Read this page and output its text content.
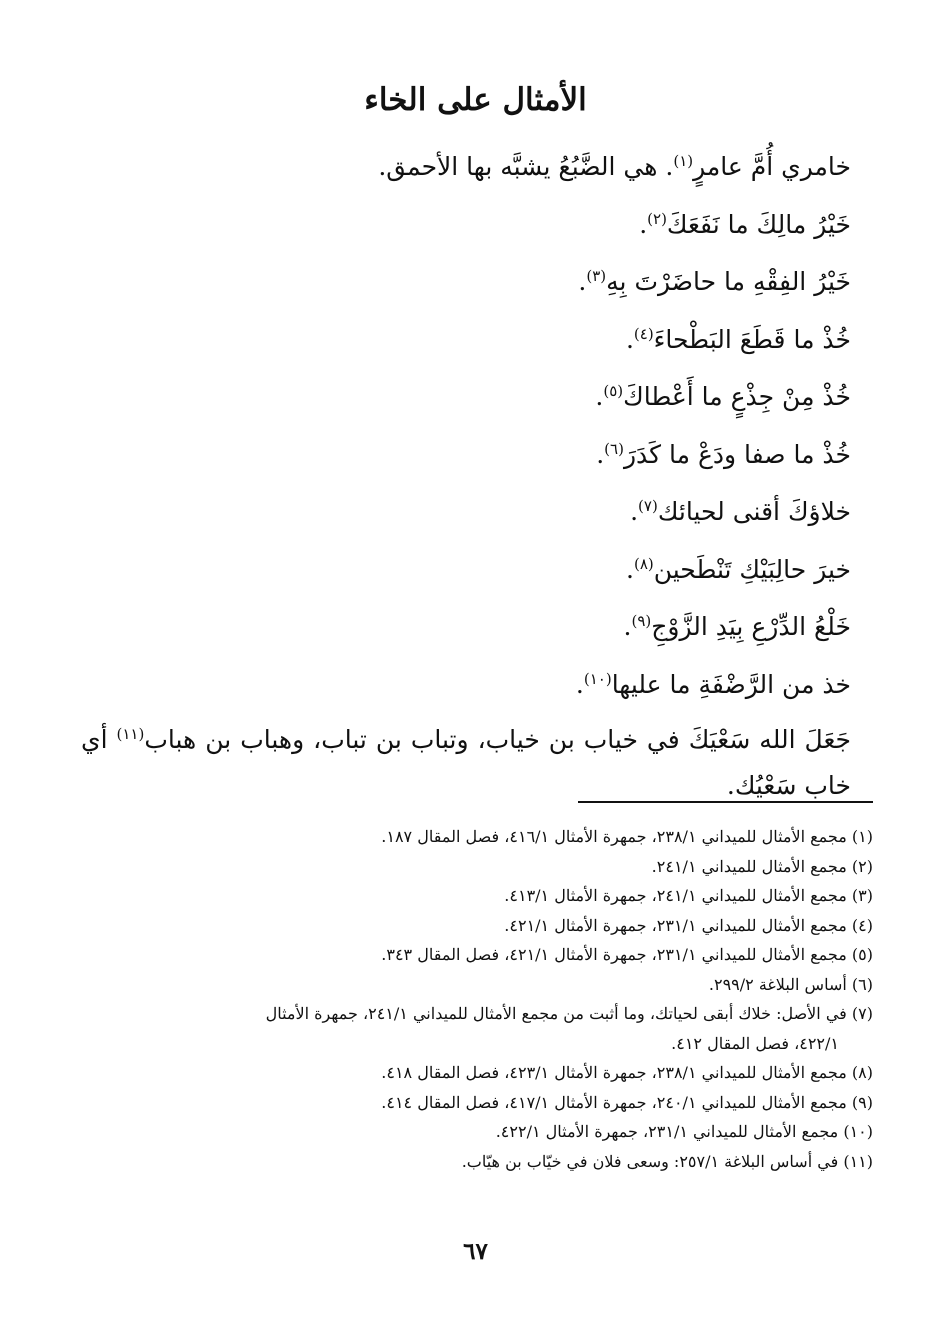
الأمثال على الخاء
خامري أُمَّ عامرٍ$^{(١)}$. هي الضَّبُعُ يشبَّه بها الأحمق.
خَيْرُ مالِكَ ما نَفَعَكَ$^{(٢)}$.
خَيْرُ الفِقْهِ ما حاضَرْتَ بِهِ$^{(٣)}$.
خُذْ ما قَطَعَ البَطْحاءَ$^{(٤)}$.
خُذْ مِنْ جِذْعٍ ما أَعْطاكَ$^{(٥)}$.
خُذْ ما صفا ودَعْ ما كَدَرَ$^{(٦)}$.
خلاؤكَ أقنى لحيائك$^{(٧)}$.
خيرَ حالِبَيْكِ تَنْطَحين$^{(٨)}$.
خَلْعُ الدِّرْعِ بِيَدِ الزَّوْجِ$^{(٩)}$.
خذ من الرَّضْفَةِ ما عليها$^{(١٠)}$.
جَعَلَ الله سَعْيَكَ في خياب بن خياب، وتباب بن تباب، وهباب بن هباب$^{(١١)}$ أي خاب سَعْيُك.
(١) مجمع الأمثال للميداني ٢٣٨/١، جمهرة الأمثال ٤١٦/١، فصل المقال ١٨٧.
(٢) مجمع الأمثال للميداني ٢٤١/١.
(٣) مجمع الأمثال للميداني ٢٤١/١، جمهرة الأمثال ٤١٣/١.
(٤) مجمع الأمثال للميداني ٢٣١/١، جمهرة الأمثال ٤٢١/١.
(٥) مجمع الأمثال للميداني ٢٣١/١، جمهرة الأمثال ٤٢١/١، فصل المقال ٣٤٣.
(٦) أساس البلاغة ٢٩٩/٢.
(٧) في الأصل: خلاك أبقى لحياتك، وما أثبت من مجمع الأمثال للميداني ٢٤١/١، جمهرة الأمثال
٤٢٢/١، فصل المقال ٤١٢.
(٨) مجمع الأمثال للميداني ٢٣٨/١، جمهرة الأمثال ٤٢٣/١، فصل المقال ٤١٨.
(٩) مجمع الأمثال للميداني ٢٤٠/١، جمهرة الأمثال ٤١٧/١، فصل المقال ٤١٤.
(١٠) مجمع الأمثال للميداني ٢٣١/١، جمهرة الأمثال ٤٢٢/١.
(١١) في أساس البلاغة ٢٥٧/١: وسعى فلان في خيّاب بن هيّاب.
٦٧
